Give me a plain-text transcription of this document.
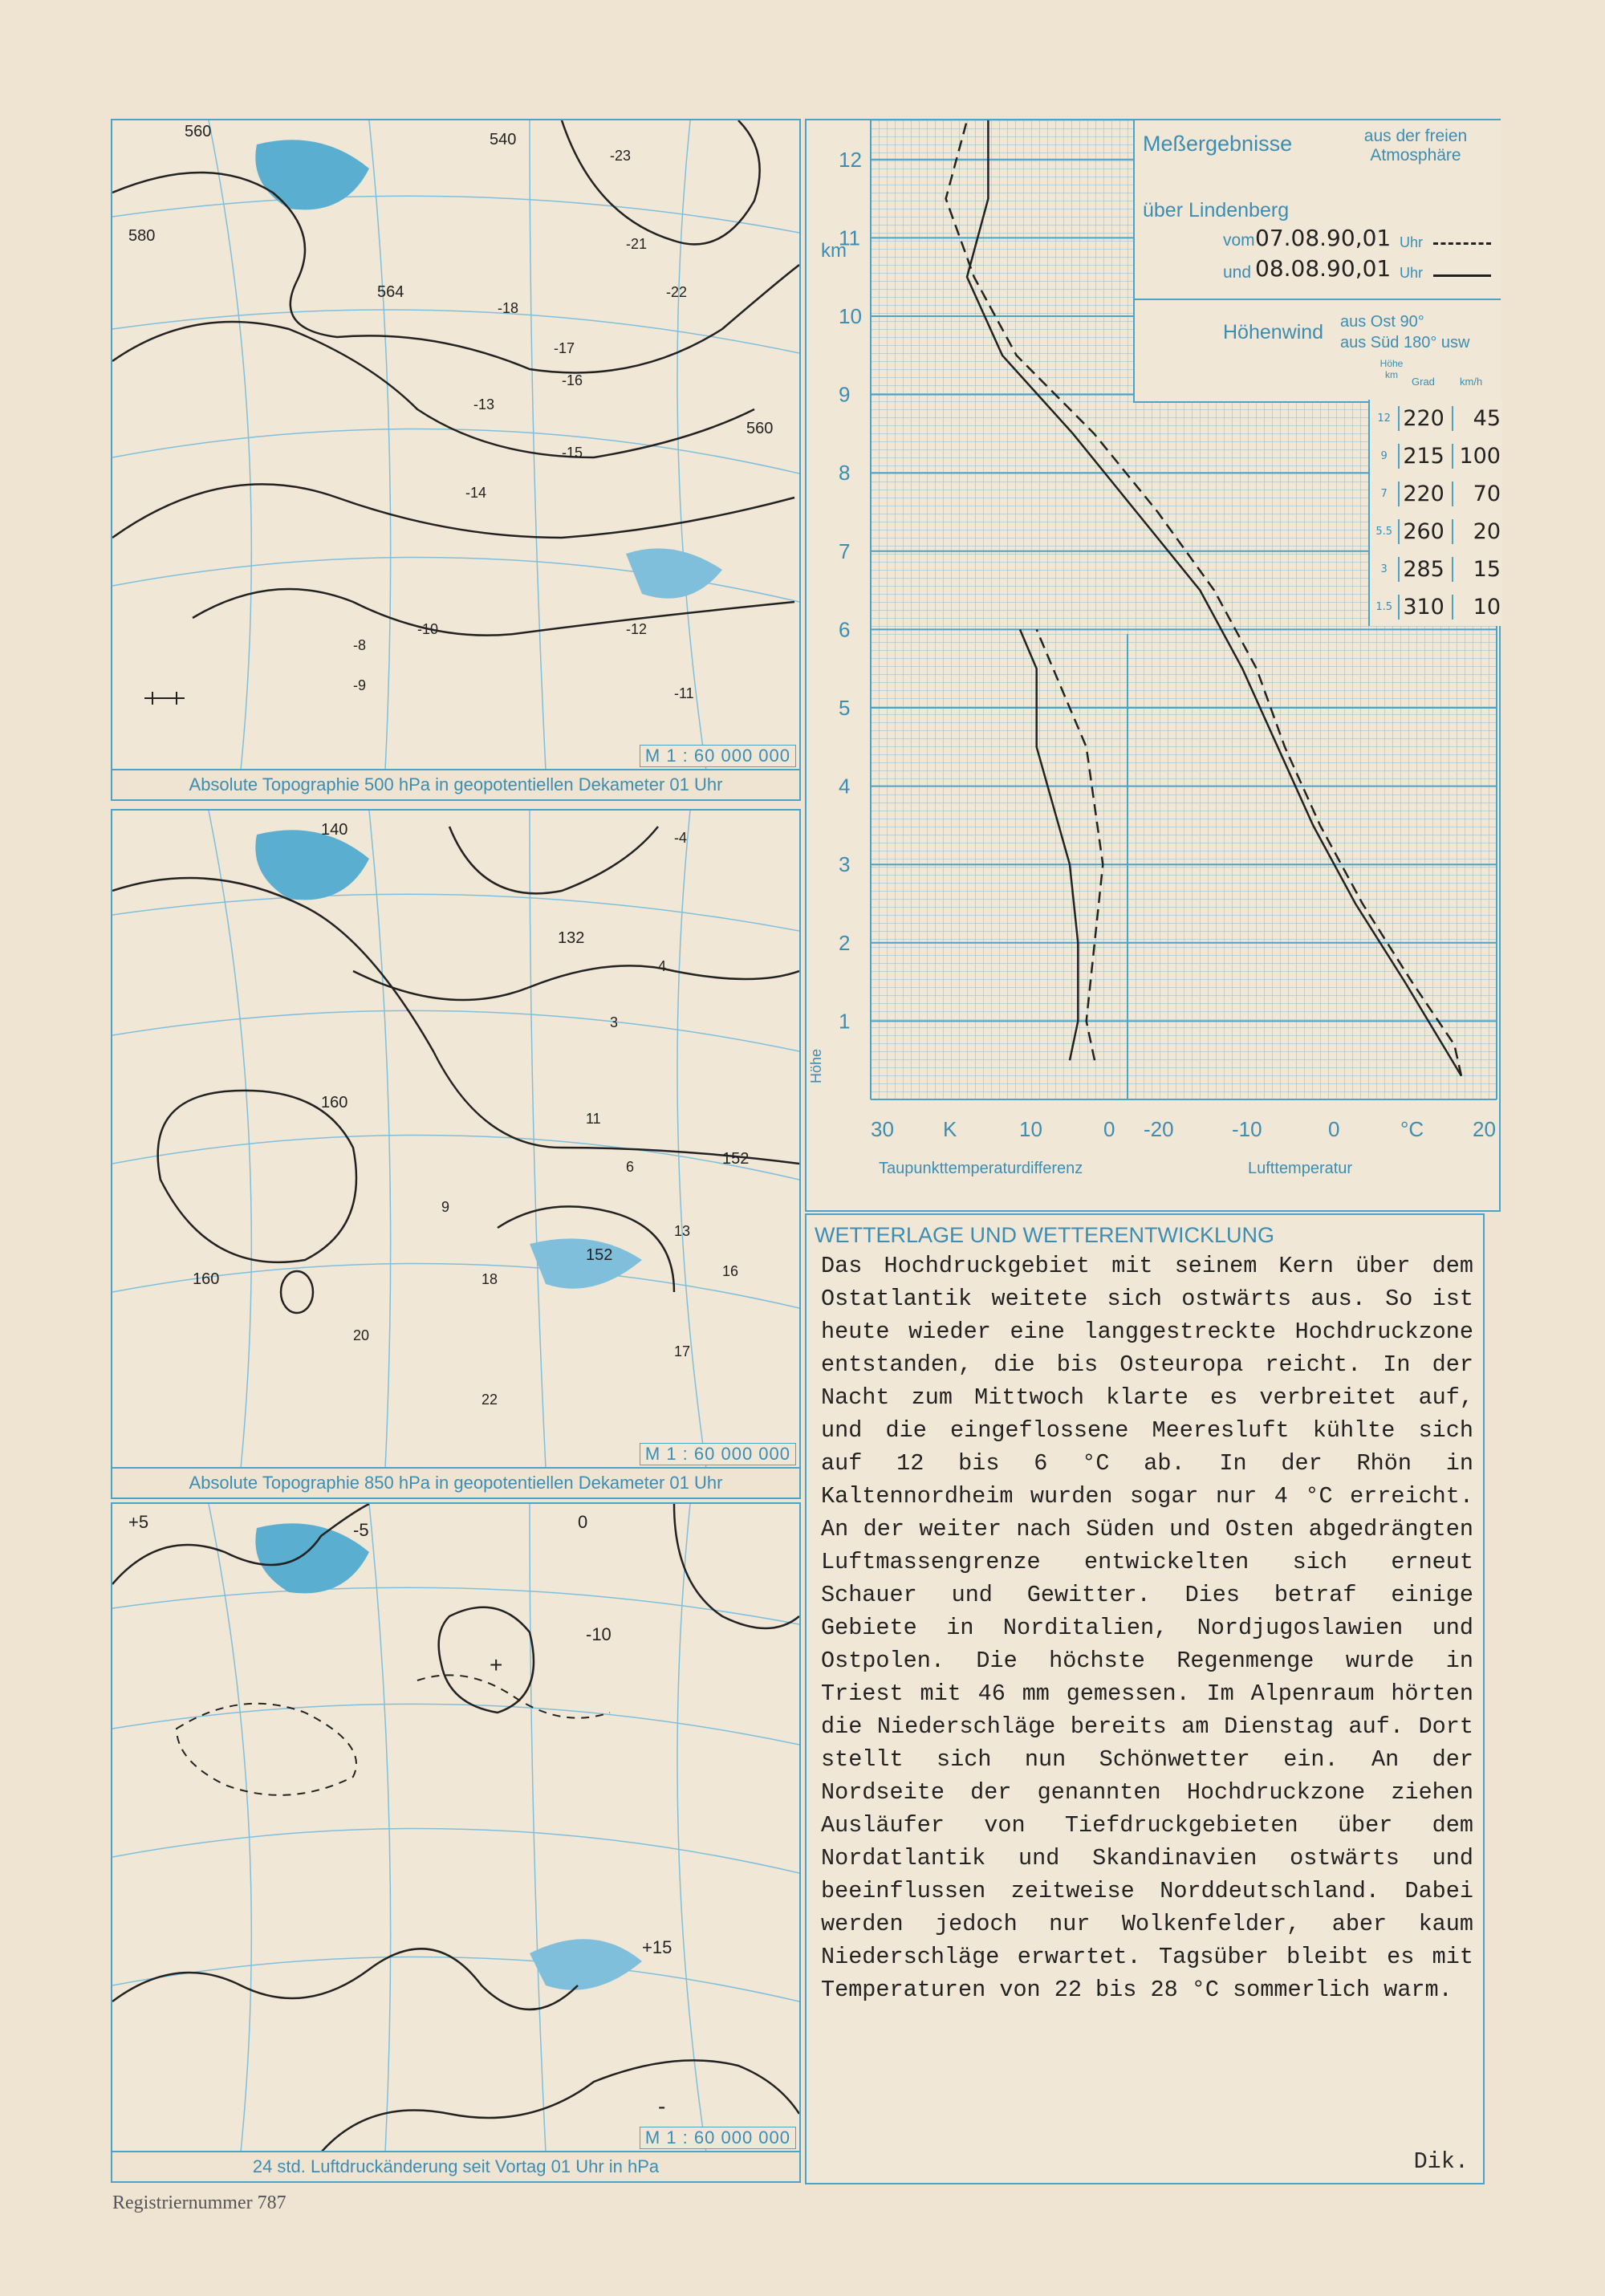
560	540
580
564
560
-23
-22
-21
-18
-17
-16
-15
-14
-13
-12
-11
-10
-9
-8
M 1 : 60 000 000
Absolute Topographie 500 hPa in geopotentiellen Dekameter 01 Uhr
140
160
160
132
152
152
-4
4
3
6
9
11
13
16
17
18
20
22
M 1 : 60 000 000
Absolute Topographie 850 hPa in geopotentiellen Dekameter 01 Uhr
+5	-5	0
-10
+
-
+15
M 1 : 60 000 000
24 std. Luftdruckänderung seit Vortag 01 Uhr in hPa
1
2
3
4
5
6
7
8
9
10
11
12
30 K	10	0 -20	-10	0	°C 20
Höhe
km
Taupunkttemperaturdifferenz	Lufttemperatur
Meßergebnisse	aus der freien Atmosphäre
über Lindenberg
vom 07.08.90,01 Uhr
und 08.08.90,01 Uhr
Höhenwind aus Ost 90°
aus Süd 180° usw
Höhe km
Grad km/h
12 220	45
9 215 100
7 220	70
5.5 260	20
3 285	15
1.5 310	10
WETTERLAGE UND WETTERENTWICKLUNG
Das Hochdruckgebiet mit seinem Kern über dem Ostatlantik weitete sich ostwärts aus. So ist heute wieder eine langgestreckte Hochdruckzone entstanden, die bis Osteuropa reicht. In der Nacht zum Mittwoch klarte es verbreitet auf, und die eingeflossene Meeresluft kühlte sich auf 12 bis 6 °C ab. In der Rhön in Kaltennordheim wurden sogar nur 4 °C erreicht. An der weiter nach Süden und Osten abgedrängten Luftmassengrenze entwickelten sich erneut Schauer und Gewitter. Dies betraf einige Gebiete in Norditalien, Nordjugoslawien und Ostpolen. Die höchste Regenmenge wurde in Triest mit 46 mm gemessen. Im Alpenraum hörten die Niederschläge bereits am Dienstag auf. Dort stellt sich nun Schönwetter ein. An der Nordseite der genannten Hochdruckzone ziehen Ausläufer von Tiefdruckgebieten über dem Nordatlantik und Skandinavien ostwärts und beeinflussen zeitweise Norddeutschland. Dabei werden jedoch nur Wolkenfelder, aber kaum Niederschläge erwartet. Tagsüber bleibt es mit Temperaturen von 22 bis 28 °C sommerlich warm.
Dik.
Registriernummer 787
